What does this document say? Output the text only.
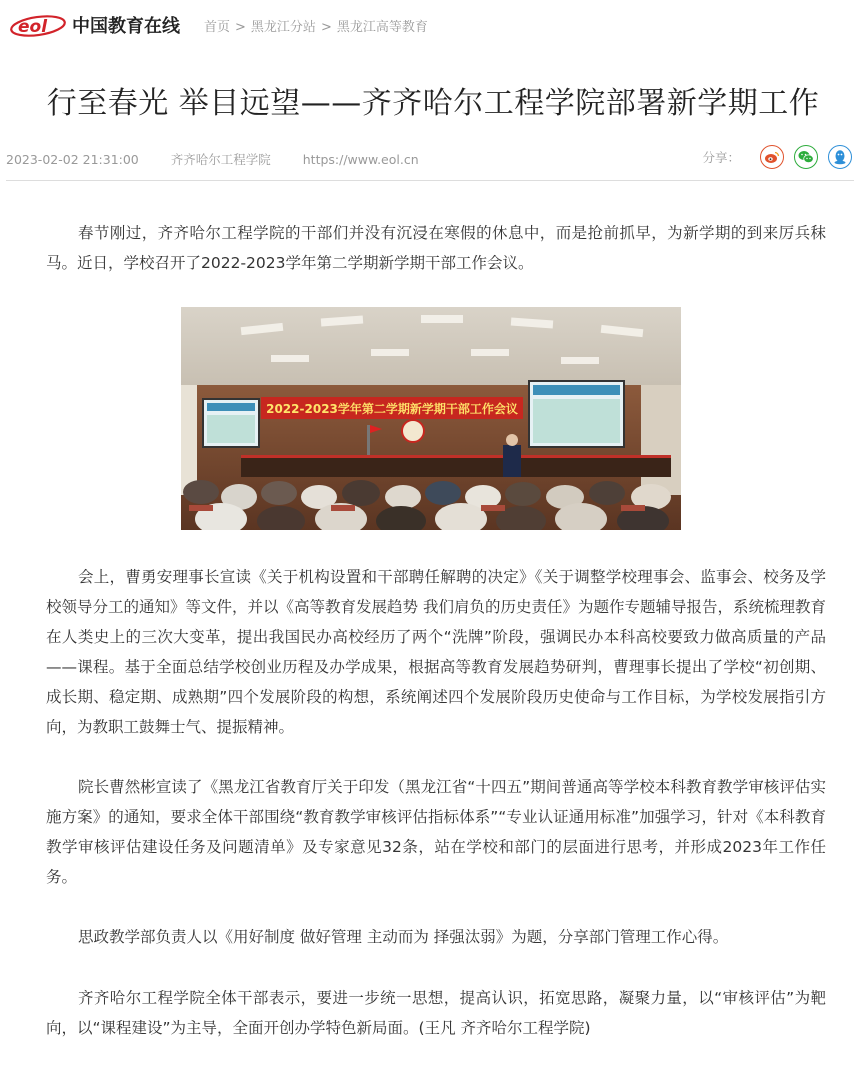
eol 中国教育在线 首页 > 黑龙江分站 > 黑龙江高等教育
行至春光 举目远望——齐齐哈尔工程学院部署新学期工作
2023-02-02 21:31:00	齐齐哈尔工程学院	https://www.eol.cn	分享：

春节刚过，齐齐哈尔工程学院的干部们并没有沉浸在寒假的休息中，而是抢前抓早，为新学期的到来厉兵秣马。近日，学校召开了2022-2023学年第二学期新学期干部工作会议。

2022-2023学年第二学期新学期干部工作会议

会上，曹勇安理事长宣读《关于机构设置和干部聘任解聘的决定》《关于调整学校理事会、监事会、校务及学校领导分工的通知》等文件，并以《高等教育发展趋势 我们肩负的历史责任》为题作专题辅导报告，系统梳理教育在人类史上的三次大变革，提出我国民办高校经历了两个“洗牌”阶段，强调民办本科高校要致力做高质量的产品——课程。基于全面总结学校创业历程及办学成果，根据高等教育发展趋势研判，曹理事长提出了学校“初创期、成长期、稳定期、成熟期”四个发展阶段的构想，系统阐述四个发展阶段历史使命与工作目标，为学校发展指引方向，为教职工鼓舞士气、提振精神。

院长曹然彬宣读了《黑龙江省教育厅关于印发（黑龙江省“十四五”期间普通高等学校本科教育教学审核评估实施方案》的通知，要求全体干部围绕“教育教学审核评估指标体系”“专业认证通用标准”加强学习，针对《本科教育教学审核评估建设任务及问题清单》及专家意见32条，站在学校和部门的层面进行思考，并形成2023年工作任务。

思政教学部负责人以《用好制度 做好管理 主动而为 择强汰弱》为题，分享部门管理工作心得。

齐齐哈尔工程学院全体干部表示，要进一步统一思想，提高认识，拓宽思路，凝聚力量，以“审核评估”为靶向，以“课程建设”为主导，全面开创办学特色新局面。(王凡 齐齐哈尔工程学院)
